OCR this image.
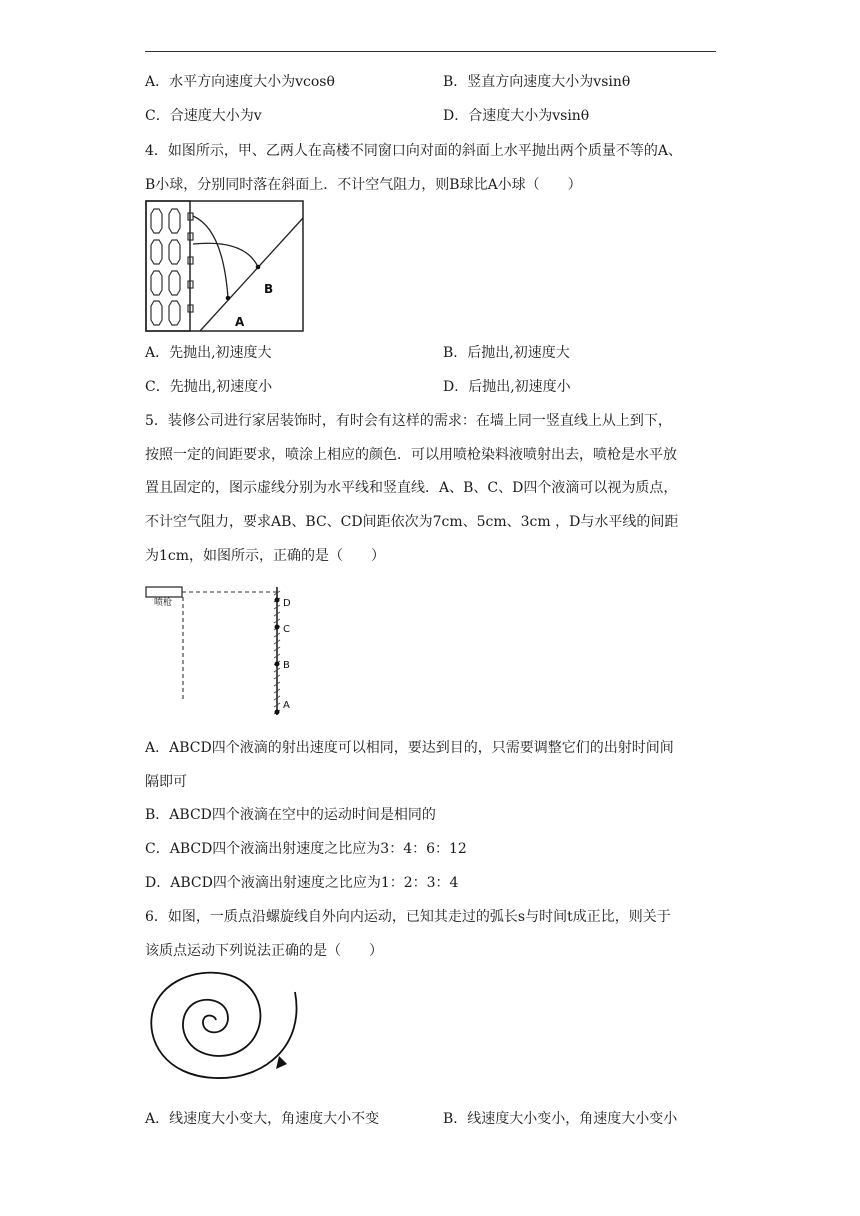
A．水平方向速度大小为vcosθ	B．竖直方向速度大小为vsinθ
C．合速度大小为v	D．合速度大小为vsinθ
4．如图所示，甲、乙两人在高楼不同窗口向对面的斜面上水平抛出两个质量不等的A、
B小球，分别同时落在斜面上．不计空气阻力，则B球比A小球（　　）
B
A
A．先抛出,初速度大	B．后抛出,初速度大
C．先抛出,初速度小	D．后抛出,初速度小
5．装修公司进行家居装饰时，有时会有这样的需求：在墙上同一竖直线上从上到下，
按照一定的间距要求，喷涂上相应的颜色．可以用喷枪染料液喷射出去，喷枪是水平放
置且固定的，图示虚线分别为水平线和竖直线．A、B、C、D四个液滴可以视为质点，
不计空气阻力，要求AB、BC、CD间距依次为7cm、5cm、3cm ，D与水平线的间距
为1cm，如图所示，正确的是（　　）
喷枪	D
C
B
A
A．ABCD四个液滴的射出速度可以相同，要达到目的，只需要调整它们的出射时间间
隔即可
B．ABCD四个液滴在空中的运动时间是相同的
C．ABCD四个液滴出射速度之比应为3：4：6：12
D．ABCD四个液滴出射速度之比应为1：2：3：4
6．如图，一质点沿螺旋线自外向内运动，已知其走过的弧长s与时间t成正比，则关于
该质点运动下列说法正确的是（　　）
A．线速度大小变大，角速度大小不变	B．线速度大小变小，角速度大小变小
